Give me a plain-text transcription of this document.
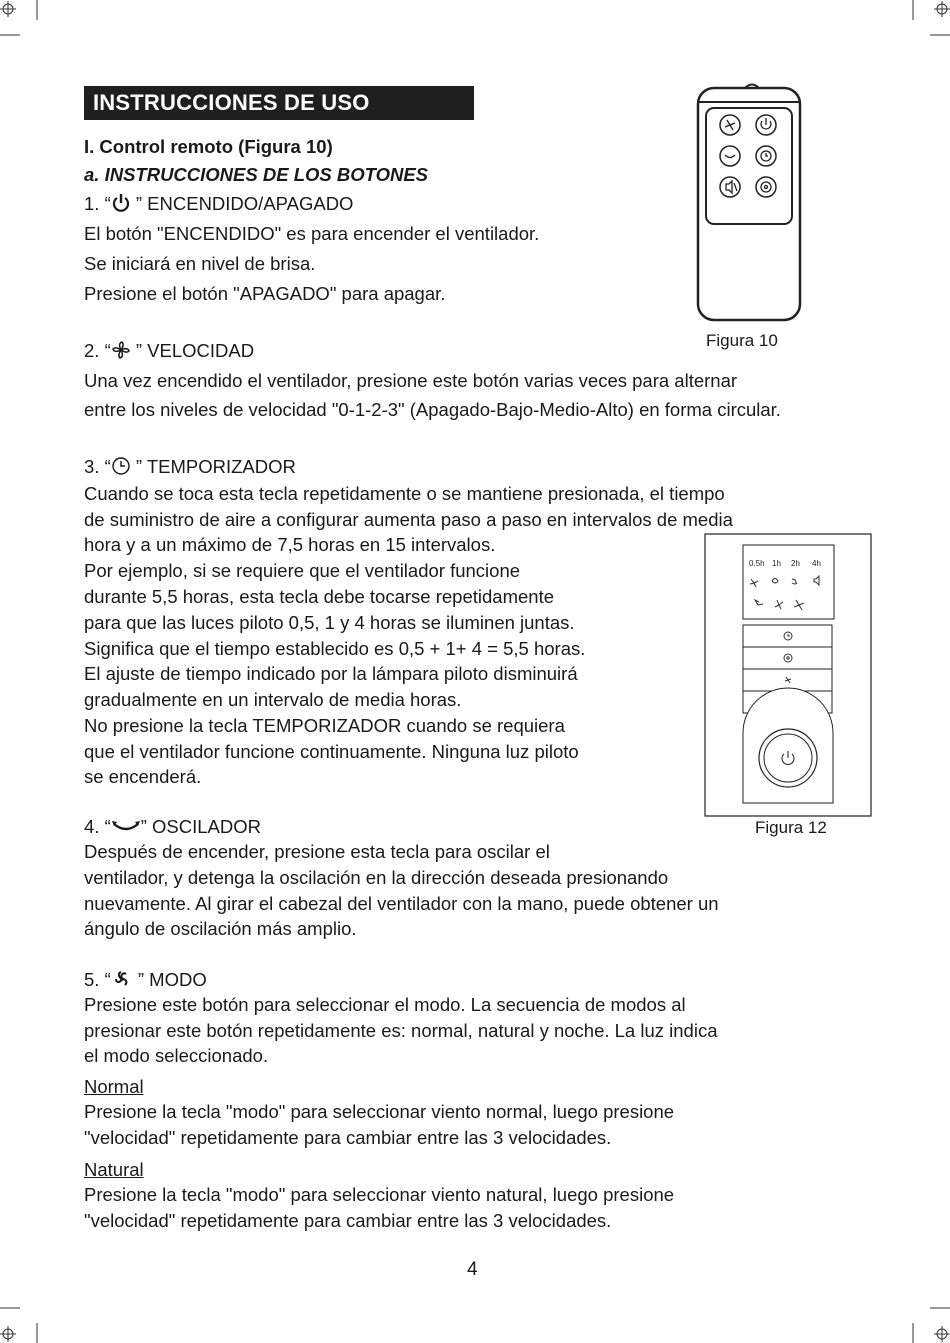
INSTRUCCIONES DE USO
I. Control remoto (Figura 10)
a. INSTRUCCIONES DE LOS BOTONES
1. “ ” ENCENDIDO/APAGADO
El botón "ENCENDIDO" es para encender el ventilador.
Se iniciará en nivel de brisa.
Presione el botón "APAGADO" para apagar.
2. “ ” VELOCIDAD
Una vez encendido el ventilador, presione este botón varias veces para alternar
entre los niveles de velocidad "0-1-2-3" (Apagado-Bajo-Medio-Alto) en forma circular.
3. “ ” TEMPORIZADOR
Cuando se toca esta tecla repetidamente o se mantiene presionada, el tiempo
de suministro de aire a configurar aumenta paso a paso en intervalos de media
hora y a un máximo de 7,5 horas en 15 intervalos.
Por ejemplo, si se requiere que el ventilador funcione
durante 5,5 horas, esta tecla debe tocarse repetidamente
para que las luces piloto 0,5, 1 y 4 horas se iluminen juntas.
Significa que el tiempo establecido es 0,5 + 1+ 4 = 5,5 horas.
El ajuste de tiempo indicado por la lámpara piloto disminuirá
gradualmente en un intervalo de media horas.
No presione la tecla TEMPORIZADOR cuando se requiera
que el ventilador funcione continuamente. Ninguna luz piloto
se encenderá.
4. “ ” OSCILADOR
Después de encender, presione esta tecla para oscilar el
ventilador, y detenga la oscilación en la dirección deseada presionando
nuevamente. Al girar el cabezal del ventilador con la mano, puede obtener un
ángulo de oscilación más amplio.
5. “ ” MODO
Presione este botón para seleccionar el modo. La secuencia de modos al
presionar este botón repetidamente es: normal, natural y noche. La luz indica
el modo seleccionado.
Normal
Presione la tecla "modo" para seleccionar viento normal, luego presione
"velocidad" repetidamente para cambiar entre las 3 velocidades.
Natural
Presione la tecla "modo" para seleccionar viento natural, luego presione
"velocidad" repetidamente para cambiar entre las 3 velocidades.
Figura 10
0.5h 1h 2h 4h
Figura 12
4
